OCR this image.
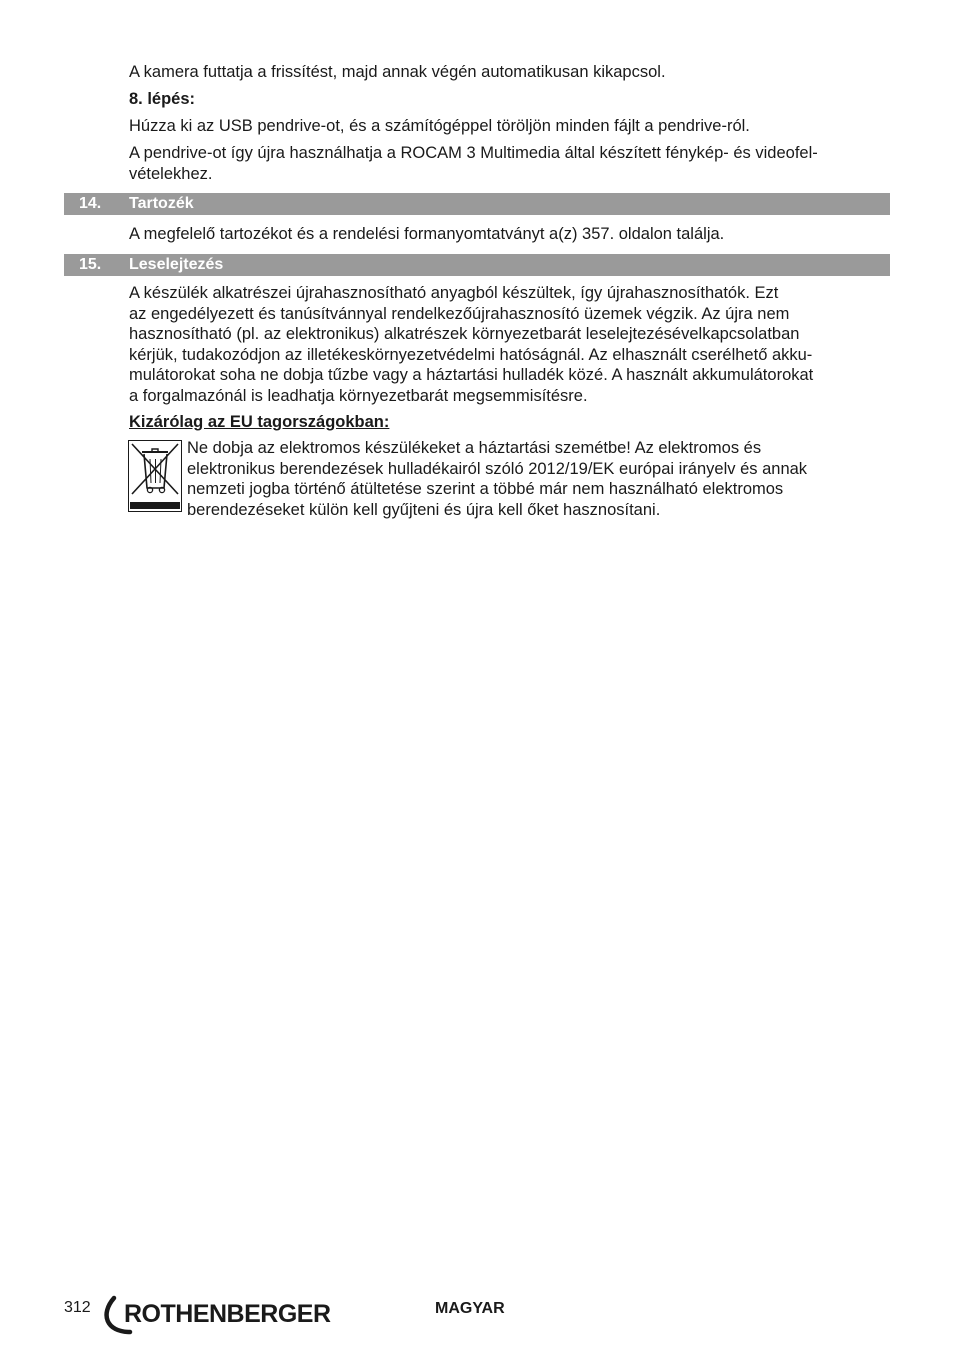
A kamera futtatja a frissítést, majd annak végén automatikusan kikapcsol.

8. lépés:

Húzza ki az USB pendrive-ot, és a számítógéppel töröljön minden fájlt a pendrive-ról.

A pendrive-ot így újra használhatja a ROCAM 3 Multimedia által készített fénykép- és videofel-
vételekhez.
14. Tartozék

A megfelelő tartozékot és a rendelési formanyomtatványt a(z) 357. oldalon találja.

15. Leselejtezés
A készülék alkatrészei újrahasznosítható anyagból készültek, így újrahasznosíthatók. Ezt
az engedélyezett és tanúsítvánnyal rendelkezőújrahasznosító üzemek végzik. Az újra nem
hasznosítható (pl. az elektronikus) alkatrészek környezetbarát leselejtezésévelkapcsolatban
kérjük, tudakozódjon az illetékeskörnyezetvédelmi hatóságnál. Az elhasznált cserélhető akku-
mulátorokat soha ne dobja tűzbe vagy a háztartási hulladék közé. A használt akkumulátorokat
a forgalmazónál is leadhatja környezetbarát megsemmisítésre.
Kizárólag az EU tagországokban:
Ne dobja az elektromos készülékeket a háztartási szemétbe! Az elektromos és
elektronikus berendezések hulladékairól szóló 2012/19/EK európai irányelv és annak
nemzeti jogba történő átültetése szerint a többé már nem használható elektromos
berendezéseket külön kell gyűjteni és újra kell őket hasznosítani.
312 ROTHENBERGER	MAGYAR
